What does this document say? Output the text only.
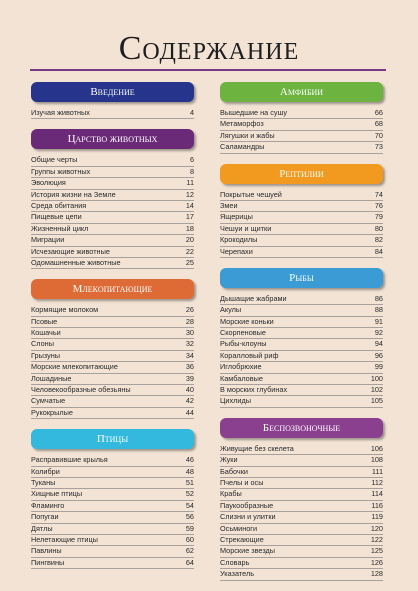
Содержание
Введение
Изучая животных	4
Царство животных
Общие черты	6
Группы животных	8
Эволюция	11
История жизни на Земле	12
Среда обитания	14
Пищевые цепи	17
Жизненный цикл	18
Миграции	20
Исчезающие животные	22
Одомашненные животные	25
Млекопитающие
Кормящие молоком	26
Псовые	28
Кошачьи	30
Слоны	32
Грызуны	34
Морские млекопитающие	36
Лошадиные	39
Человекообразные обезьяны	40
Сумчатые	42
Рукокрылые	44
Птицы
Расправившие крылья	46
Колибри	48
Туканы	51
Хищные птицы	52
Фламинго	54
Попугаи	56
Дятлы	59
Нелетающие птицы	60
Павлины	62
Пингвины	64
Амфибии
Вышедшие на сушу	66
Метаморфоз	68
Лягушки и жабы	70
Саламандры	73
Рептилии
Покрытые чешуей	74
Змеи	76
Ящерицы	79
Чешуи и щитки	80
Крокодилы	82
Черепахи	84
Рыбы
Дышащие жабрами	86
Акулы	88
Морские коньки	91
Скорпеновые	92
Рыбы-клоуны	94
Коралловый риф	96
Иглобрюхие	99
Камбаловые	100
В морских глубинах	102
Цихлиды	105
Беспозвоночные
Живущие без скелета	106
Жуки	108
Бабочки	111
Пчелы и осы	112
Крабы	114
Паукообразные	116
Слизни и улитки	119
Осьминоги	120
Стрекающие	122
Морские звезды	125
Словарь	126
Указатель	128
